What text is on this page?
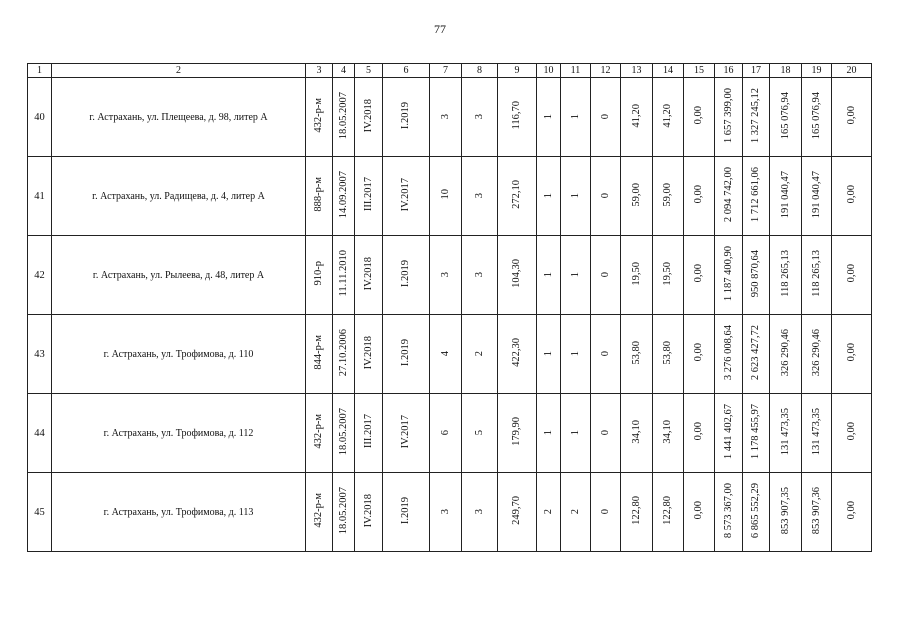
77
1	2	3	4	5	6	7	8	9	10	11	12	13	14	15	16	17	18	19	20
40	г. Астрахань, ул. Плещеева, д. 98, литер А	432-р-м	18.05.2007	IV.2018	I.2019	3	3	116,70	1	1	0	41,20	41,20	0,00	1 657 399,00	1 327 245,12	165 076,94	165 076,94	0,00
41	г. Астрахань, ул. Радищева, д. 4, литер А	888-р-м	14.09.2007	III.2017	IV.2017	10	3	272,10	1	1	0	59,00	59,00	0,00	2 094 742,00	1 712 661,06	191 040,47	191 040,47	0,00
42	г. Астрахань, ул. Рылеева, д. 48, литер А	910-р	11.11.2010	IV.2018	I.2019	3	3	104,30	1	1	0	19,50	19,50	0,00	1 187 400,90	950 870,64	118 265,13	118 265,13	0,00
43	г. Астрахань, ул. Трофимова, д. 110	844-р-м	27.10.2006	IV.2018	I.2019	4	2	422,30	1	1	0	53,80	53,80	0,00	3 276 008,64	2 623 427,72	326 290,46	326 290,46	0,00
44	г. Астрахань, ул. Трофимова, д. 112	432-р-м	18.05.2007	III.2017	IV.2017	6	5	179,90	1	1	0	34,10	34,10	0,00	1 441 402,67	1 178 455,97	131 473,35	131 473,35	0,00
45	г. Астрахань, ул. Трофимова, д. 113	432-р-м	18.05.2007	IV.2018	I.2019	3	3	249,70	2	2	0	122,80	122,80	0,00	8 573 367,00	6 865 552,29	853 907,35	853 907,36	0,00
